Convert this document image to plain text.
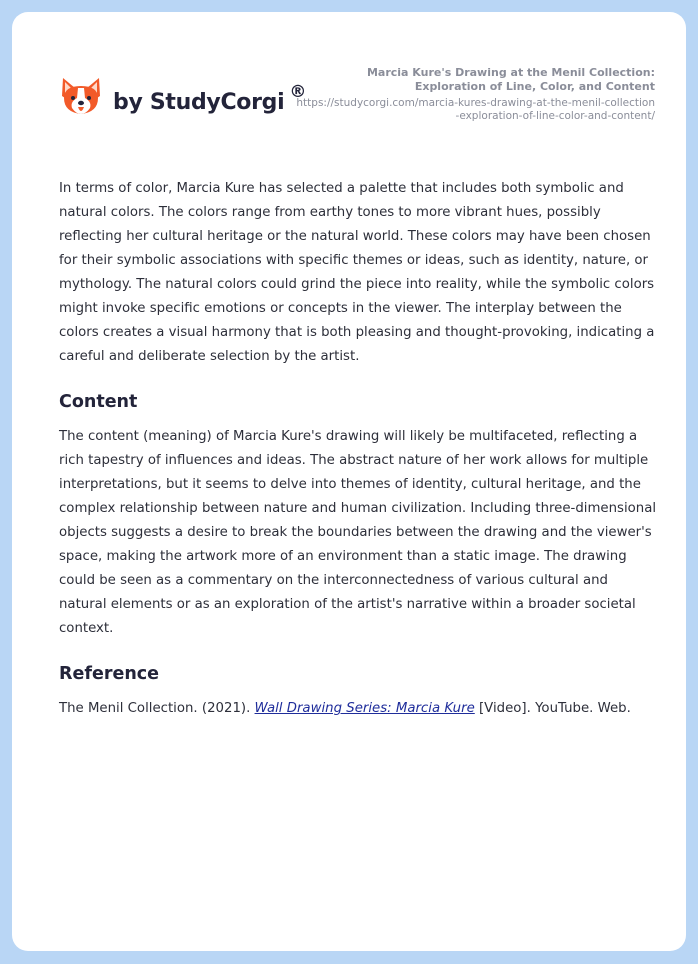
by StudyCorgi ®
Marcia Kure's Drawing at the Menil Collection: Exploration of Line, Color, and Content
https://studycorgi.com/marcia-kures-drawing-at-the-menil-collection-exploration-of-line-color-and-content/

In terms of color, Marcia Kure has selected a palette that includes both symbolic and natural colors. The colors range from earthy tones to more vibrant hues, possibly reflecting her cultural heritage or the natural world. These colors may have been chosen for their symbolic associations with specific themes or ideas, such as identity, nature, or mythology. The natural colors could grind the piece into reality, while the symbolic colors might invoke specific emotions or concepts in the viewer. The interplay between the colors creates a visual harmony that is both pleasing and thought-provoking, indicating a careful and deliberate selection by the artist.

Content

The content (meaning) of Marcia Kure's drawing will likely be multifaceted, reflecting a rich tapestry of influences and ideas. The abstract nature of her work allows for multiple interpretations, but it seems to delve into themes of identity, cultural heritage, and the complex relationship between nature and human civilization. Including three-dimensional objects suggests a desire to break the boundaries between the drawing and the viewer's space, making the artwork more of an environment than a static image. The drawing could be seen as a commentary on the interconnectedness of various cultural and natural elements or as an exploration of the artist's narrative within a broader societal context.

Reference

The Menil Collection. (2021). Wall Drawing Series: Marcia Kure [Video]. YouTube. Web.
